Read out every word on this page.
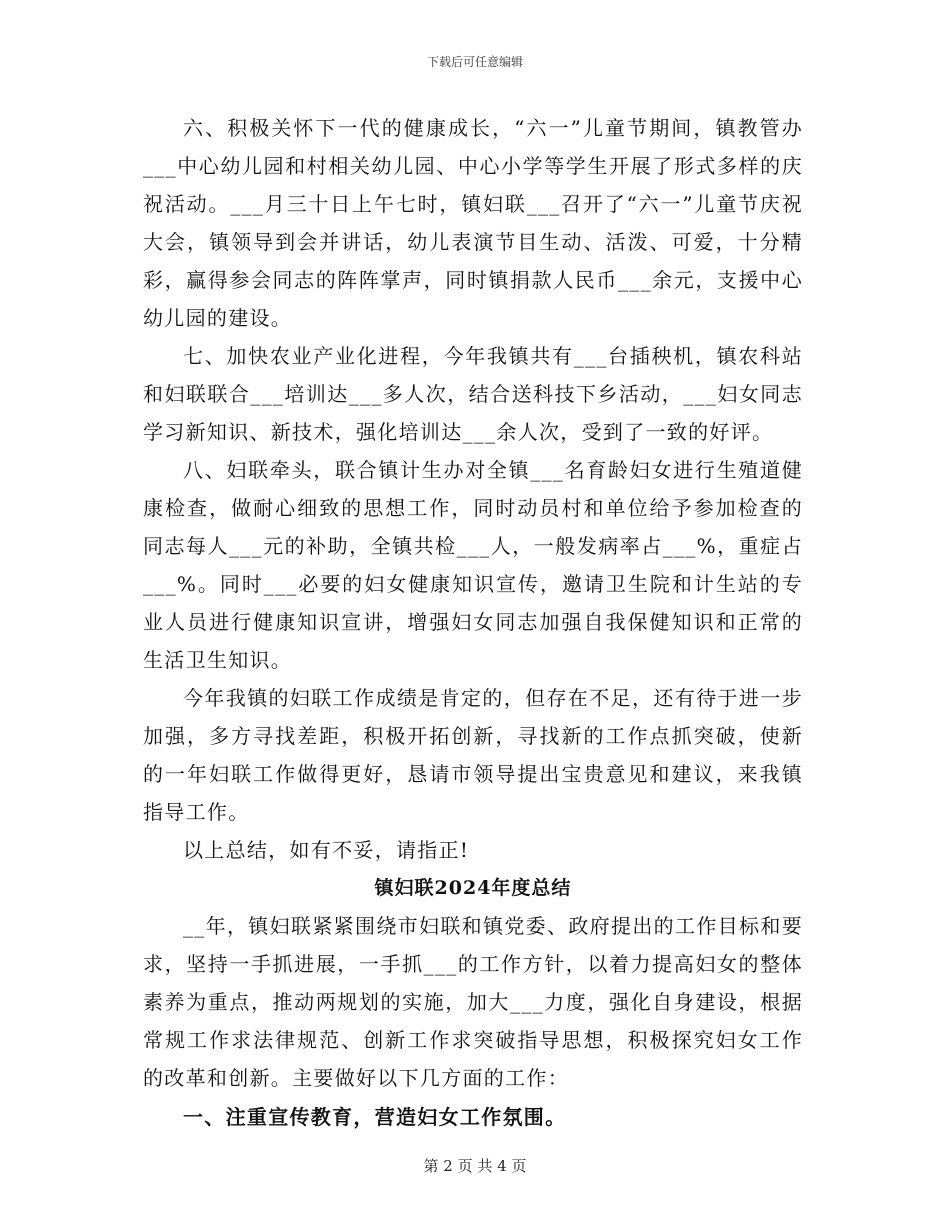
下载后可任意编辑

六、积极关怀下一代的健康成长，“六一”儿童节期间，镇教管办___中心幼儿园和村相关幼儿园、中心小学等学生开展了形式多样的庆祝活动。___月三十日上午七时，镇妇联___召开了“六一”儿童节庆祝大会，镇领导到会并讲话，幼儿表演节目生动、活泼、可爱，十分精彩，赢得参会同志的阵阵掌声，同时镇捐款人民币___余元，支援中心幼儿园的建设。

七、加快农业产业化进程，今年我镇共有___台插秧机，镇农科站和妇联联合___培训达___多人次，结合送科技下乡活动，___妇女同志学习新知识、新技术，强化培训达___余人次，受到了一致的好评。

八、妇联牵头，联合镇计生办对全镇___名育龄妇女进行生殖道健康检查，做耐心细致的思想工作，同时动员村和单位给予参加检查的同志每人___元的补助，全镇共检___人，一般发病率占___%，重症占___%。同时___必要的妇女健康知识宣传，邀请卫生院和计生站的专业人员进行健康知识宣讲，增强妇女同志加强自我保健知识和正常的生活卫生知识。

今年我镇的妇联工作成绩是肯定的，但存在不足，还有待于进一步加强，多方寻找差距，积极开拓创新，寻找新的工作点抓突破，使新的一年妇联工作做得更好，恳请市领导提出宝贵意见和建议，来我镇指导工作。

以上总结，如有不妥，请指正!

镇妇联2024年度总结

__年，镇妇联紧紧围绕市妇联和镇党委、政府提出的工作目标和要求，坚持一手抓进展，一手抓___的工作方针，以着力提高妇女的整体素养为重点，推动两规划的实施，加大___力度，强化自身建设，根据常规工作求法律规范、创新工作求突破指导思想，积极探究妇女工作的改革和创新。主要做好以下几方面的工作：

一、注重宣传教育，营造妇女工作氛围。
第 2 页 共 4 页
